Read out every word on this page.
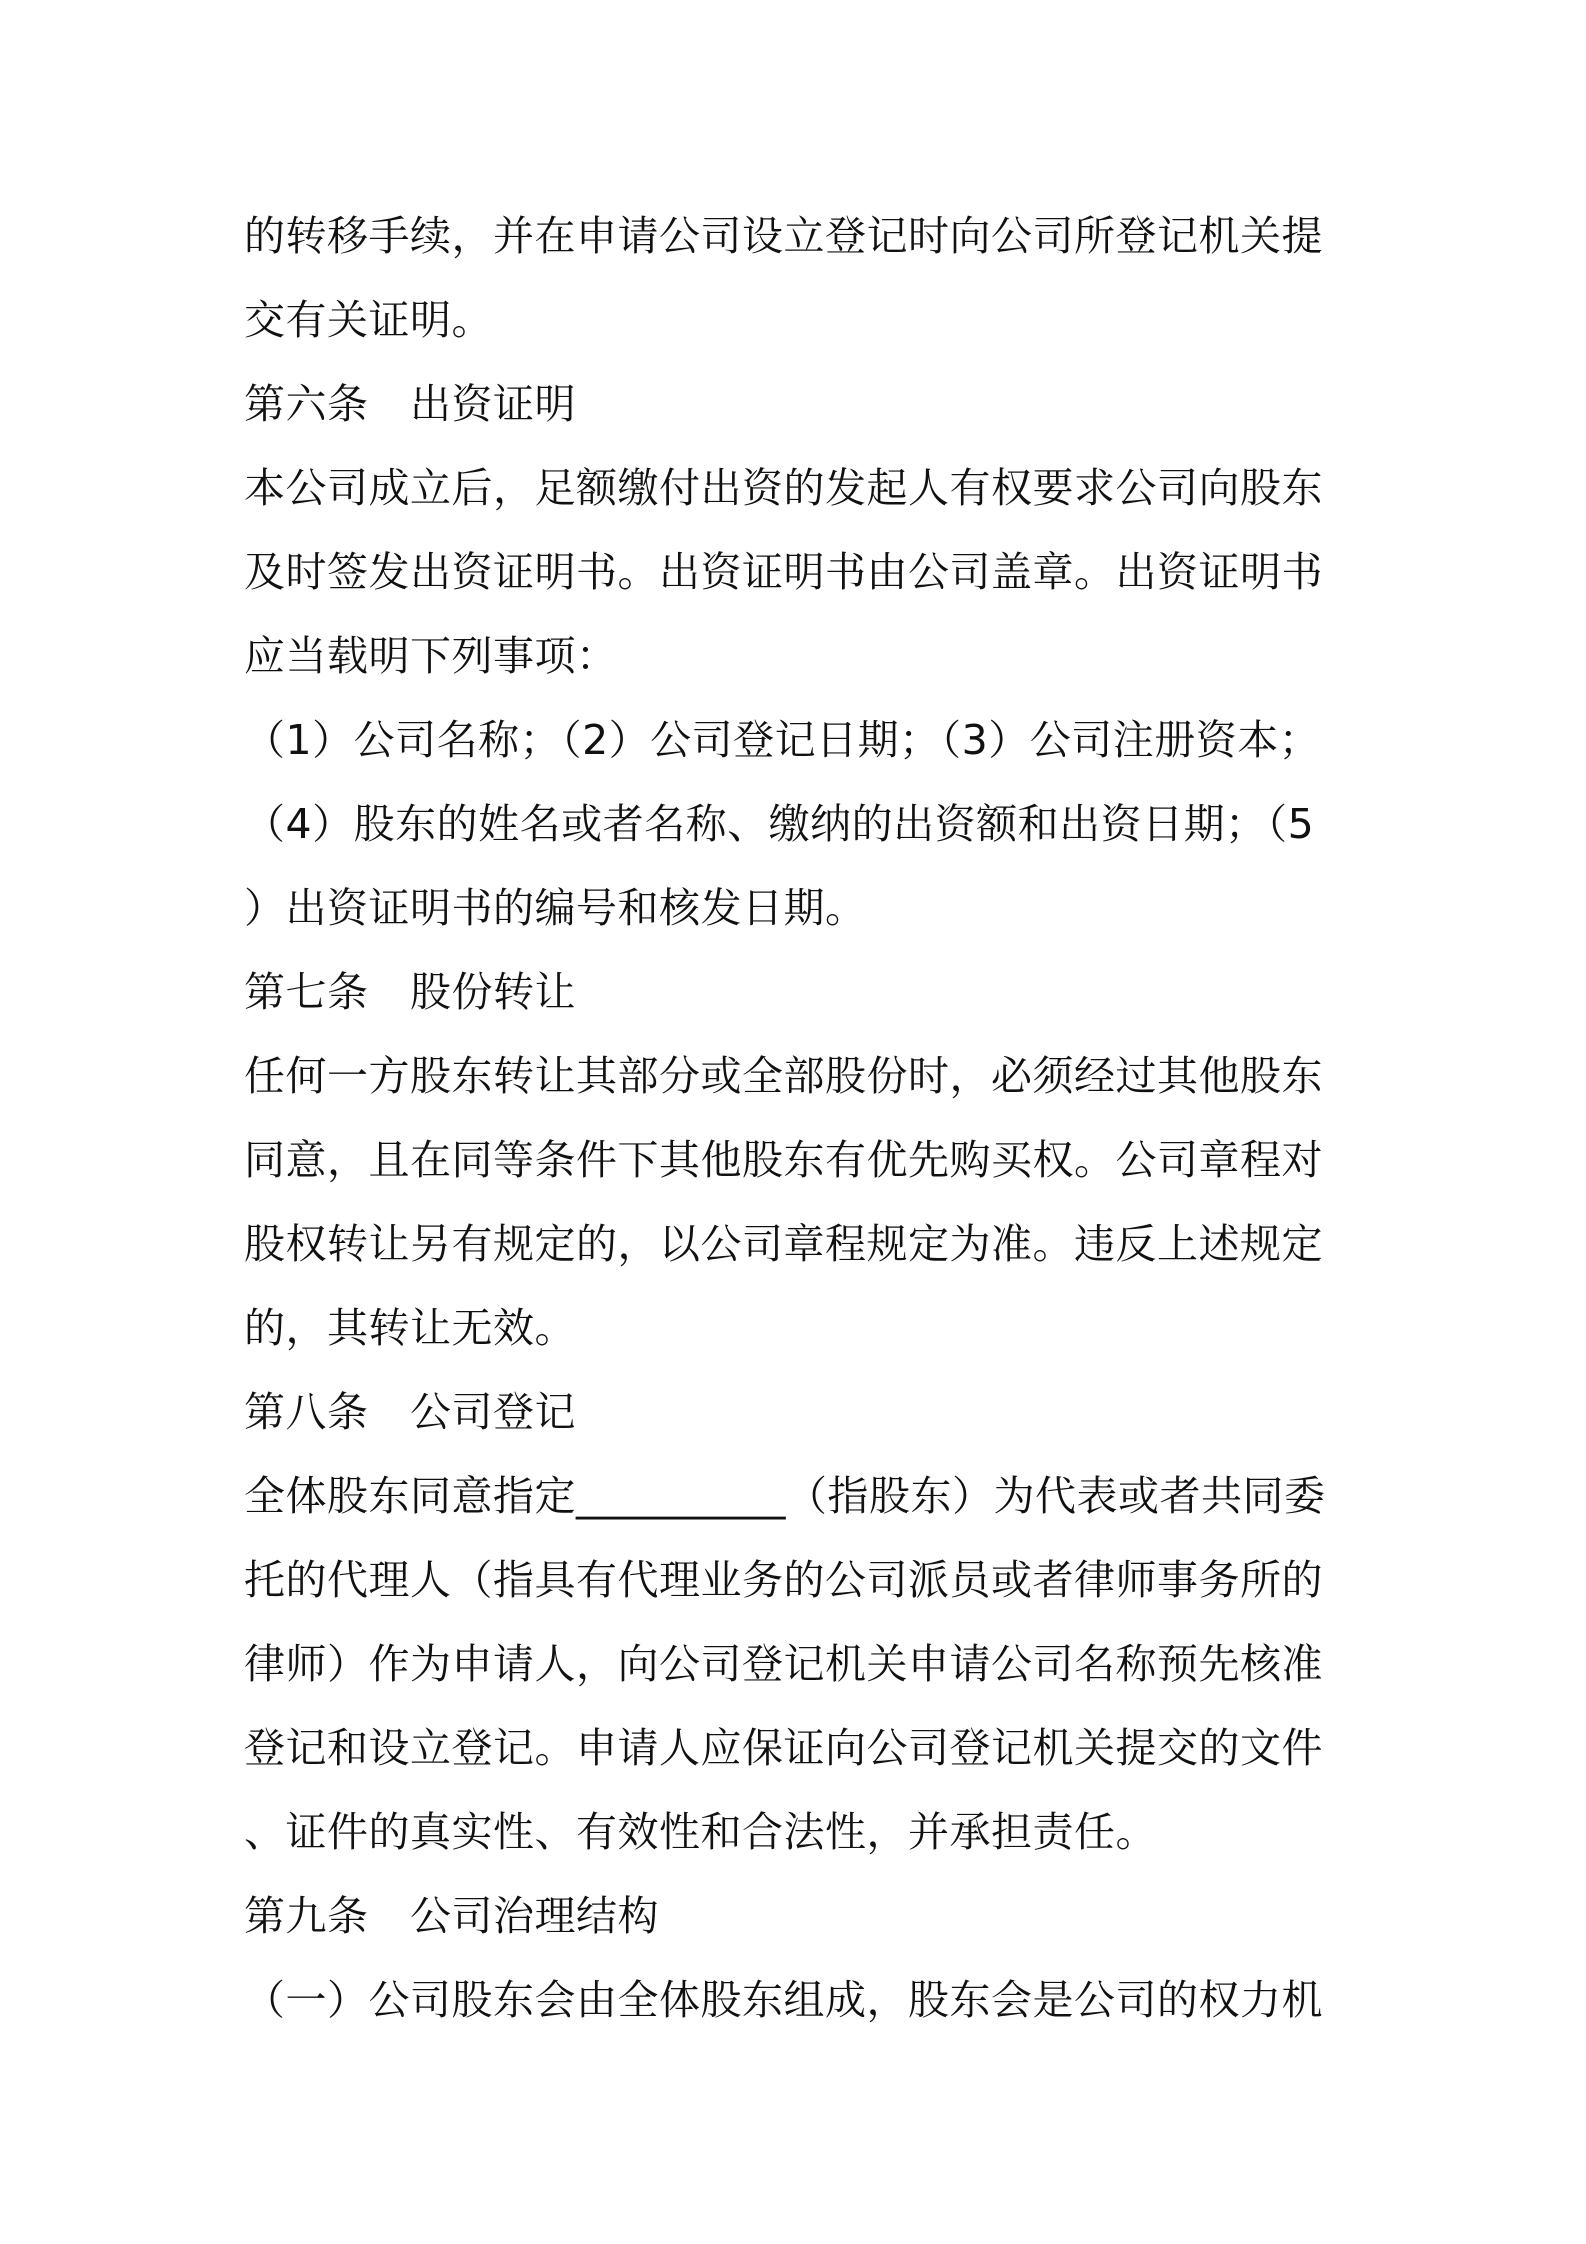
的转移手续，并在申请公司设立登记时向公司所登记机关提
交有关证明。
第六条　出资证明
本公司成立后，足额缴付出资的发起人有权要求公司向股东
及时签发出资证明书。出资证明书由公司盖章。出资证明书
应当载明下列事项：
（1）公司名称；（2）公司登记日期；（3）公司注册资本；
（4）股东的姓名或者名称、缴纳的出资额和出资日期；（5
）出资证明书的编号和核发日期。
第七条　股份转让
任何一方股东转让其部分或全部股份时，必须经过其他股东
同意，且在同等条件下其他股东有优先购买权。公司章程对
股权转让另有规定的，以公司章程规定为准。违反上述规定
的，其转让无效。
第八条　公司登记
全体股东同意指定__________（指股东）为代表或者共同委
托的代理人（指具有代理业务的公司派员或者律师事务所的
律师）作为申请人，向公司登记机关申请公司名称预先核准
登记和设立登记。申请人应保证向公司登记机关提交的文件
、证件的真实性、有效性和合法性，并承担责任。
第九条　公司治理结构
（一）公司股东会由全体股东组成，股东会是公司的权力机
